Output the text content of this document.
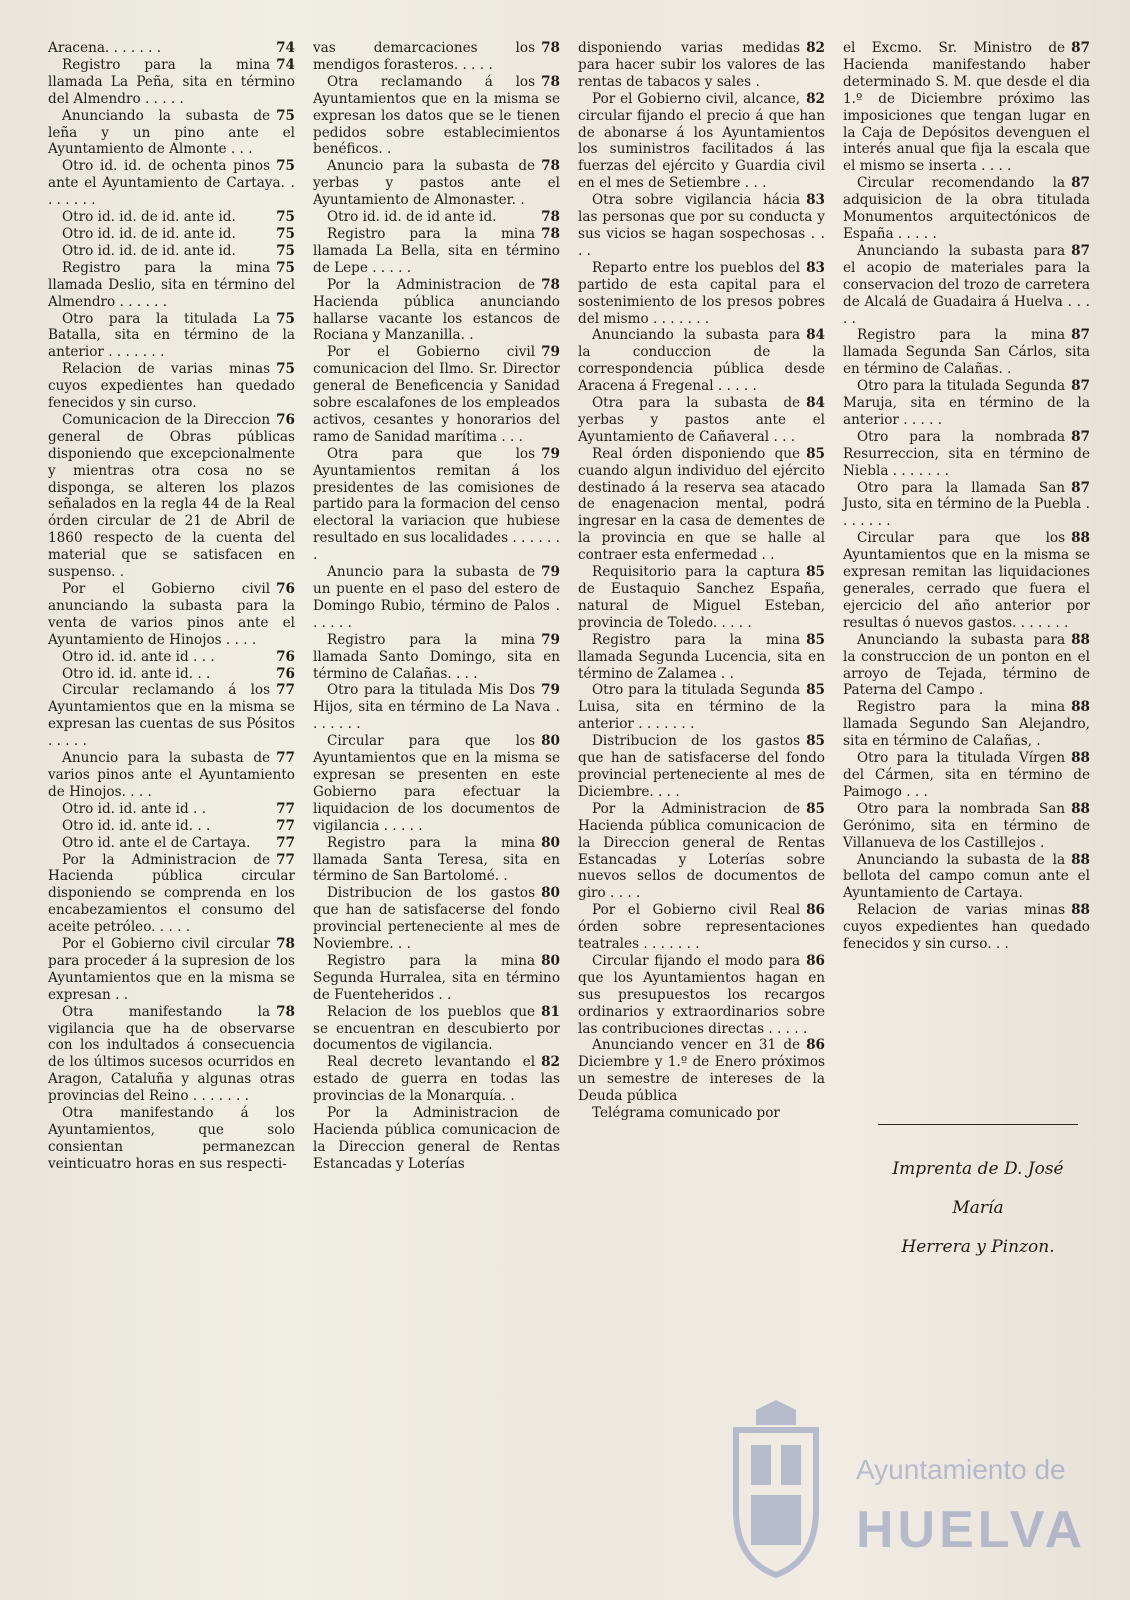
74
Aracena. . . . . . .

74
Registro para la mina llamada La Peña, sita en término del Almendro . . . . .

75
Anunciando la subasta de leña y un pino ante el Ayuntamiento de Almonte . . .

75
Otro id. id. de ochenta pinos ante el Ayuntamiento de Cartaya. . . . . . . .

75
Otro id. id. de id. ante id.

75
Otro id. id. de id. ante id.

75
Otro id. id. de id. ante id.

75
Registro para la mina llamada Deslio, sita en término del Almendro . . . . . .

75
Otro para la titulada La Batalla, sita en término de la anterior . . . . . . .

75
Relacion de varias minas cuyos expedientes han quedado fenecidos y sin curso.

76
Comunicacion de la Direccion general de Obras públicas disponiendo que excepcionalmente y mientras otra cosa no se disponga, se alteren los plazos señalados en la regla 44 de la Real órden circular de 21 de Abril de 1860 respecto de la cuenta del material que se satisfacen en suspenso. .

76
Por el Gobierno civil anunciando la subasta para la venta de varios pinos ante el Ayuntamiento de Hinojos . . . .

76
Otro id. id. ante id . . .

76
Otro id. id. ante id. . .

77
Circular reclamando á los Ayuntamientos que en la misma se expresan las cuentas de sus Pósitos . . . . .

77
Anuncio para la subasta de varios pinos ante el Ayuntamiento de Hinojos. . . .

77
Otro id. id. ante id . .

77
Otro id. id. ante id. . .

77
Otro id. ante el de Cartaya.

77
Por la Administracion de Hacienda pública circular disponiendo se comprenda en los encabezamientos el consumo del aceite petróleo. . . . .

78
Por el Gobierno civil circular para proceder á la supresion de los Ayuntamientos que en la misma se expresan . .

78
Otra manifestando la vigilancia que ha de observarse con los indultados á consecuencia de los últimos sucesos ocurridos en Aragon, Cataluña y algunas otras provincias del Reino . . . . . . .

Otra manifestando á los Ayuntamientos, que solo consientan permanezcan veinticuatro horas en sus respecti-

78
vas demarcaciones los mendigos forasteros. . . . .

78
Otra reclamando á los Ayuntamientos que en la misma se expresan los datos que se le tienen pedidos sobre establecimientos benéficos. .

78
Anuncio para la subasta de yerbas y pastos ante el Ayuntamiento de Almonaster. .

78
Otro id. id. de id ante id.

78
Registro para la mina llamada La Bella, sita en término de Lepe . . . . .

78
Por la Administracion de Hacienda pública anunciando hallarse vacante los estancos de Rociana y Manzanilla. .

79
Por el Gobierno civil comunicacion del Ilmo. Sr. Director general de Beneficencia y Sanidad sobre escalafones de los empleados activos, cesantes y honorarios del ramo de Sanidad marítima . . .

79
Otra para que los Ayuntamientos remitan á los presidentes de las comisiones de partido para la formacion del censo electoral la variacion que hubiese resultado en sus localidades . . . . . . .

79
Anuncio para la subasta de un puente en el paso del estero de Domingo Rubio, término de Palos . . . . . .

79
Registro para la mina llamada Santo Domingo, sita en término de Calañas. . . .

79
Otro para la titulada Mis Dos Hijos, sita en término de La Nava . . . . . . .

80
Circular para que los Ayuntamientos que en la misma se expresan se presenten en este Gobierno para efectuar la liquidacion de los documentos de vigilancia . . . . .

80
Registro para la mina llamada Santa Teresa, sita en término de San Bartolomé. .

80
Distribucion de los gastos que han de satisfacerse del fondo provincial perteneciente al mes de Noviembre. . .

80
Registro para la mina Segunda Hurralea, sita en término de Fuenteheridos . .

81
Relacion de los pueblos que se encuentran en descubierto por documentos de vigilancia.

82
Real decreto levantando el estado de guerra en todas las provincias de la Monarquía. .

Por la Administracion de Hacienda pública comunicacion de la Direccion general de Rentas Estancadas y Loterías

82
disponiendo varias medidas para hacer subir los valores de las rentas de tabacos y sales .

82
Por el Gobierno civil, alcance, circular fijando el precio á que han de abonarse á los Ayuntamientos los suministros facilitados á las fuerzas del ejército y Guardia civil en el mes de Setiembre . . .

83
Otra sobre vigilancia hácia las personas que por su conducta y sus vicios se hagan sospechosas . . . .

83
Reparto entre los pueblos del partido de esta capital para el sostenimiento de los presos pobres del mismo . . . . . . .

84
Anunciando la subasta para la conduccion de la correspondencia pública desde Aracena á Fregenal . . . . .

84
Otra para la subasta de yerbas y pastos ante el Ayuntamiento de Cañaveral . . .

85
Real órden disponiendo que cuando algun individuo del ejército destinado á la reserva sea atacado de enagenacion mental, podrá ingresar en la casa de dementes de la provincia en que se halle al contraer esta enfermedad . .

85
Requisitorio para la captura de Eustaquio Sanchez España, natural de Miguel Esteban, provincia de Toledo. . . . .

85
Registro para la mina llamada Segunda Lucencia, sita en término de Zalamea . .

85
Otro para la titulada Segunda Luisa, sita en término de la anterior . . . . . . .

85
Distribucion de los gastos que han de satisfacerse del fondo provincial perteneciente al mes de Diciembre. . . .

85
Por la Administracion de Hacienda pública comunicacion de la Direccion general de Rentas Estancadas y Loterías sobre nuevos sellos de documentos de giro . . . .

86
Por el Gobierno civil Real órden sobre representaciones teatrales . . . . . . .

86
Circular fijando el modo para que los Ayuntamientos hagan en sus presupuestos los recargos ordinarios y extraordinarios sobre las contribuciones directas . . . . .

86
Anunciando vencer en 31 de Diciembre y 1.º de Enero próximos un semestre de intereses de la Deuda pública

Telégrama comunicado por

87
el Excmo. Sr. Ministro de Hacienda manifestando haber determinado S. M. que desde el dia 1.º de Diciembre próximo las imposiciones que tengan lugar en la Caja de Depósitos devenguen el interés anual que fija la escala que el mismo se inserta . . . .

87
Circular recomendando la adquisicion de la obra titulada Monumentos arquitectónicos de España . . . . .

87
Anunciando la subasta para el acopio de materiales para la conservacion del trozo de carretera de Alcalá de Guadaira á Huelva . . . . .

87
Registro para la mina llamada Segunda San Cárlos, sita en término de Calañas. .

87
Otro para la titulada Segunda Maruja, sita en término de la anterior . . . . .

87
Otro para la nombrada Resurreccion, sita en término de Niebla . . . . . . .

87
Otro para la llamada San Justo, sita en término de la Puebla . . . . . . .

88
Circular para que los Ayuntamientos que en la misma se expresan remitan las liquidaciones generales, cerrado que fuera el ejercicio del año anterior por resultas ó nuevos gastos. . . . . . .

88
Anunciando la subasta para la construccion de un ponton en el arroyo de Tejada, término de Paterna del Campo .

88
Registro para la mina llamada Segundo San Alejandro, sita en término de Calañas, .

88
Otro para la titulada Vírgen del Cármen, sita en término de Paimogo . . .

88
Otro para la nombrada San Gerónimo, sita en término de Villanueva de los Castillejos .

88
Anunciando la subasta de la bellota del campo comun ante el Ayuntamiento de Cartaya.

88
Relacion de varias minas cuyos expedientes han quedado fenecidos y sin curso. . .

Imprenta de D. José María
Herrera y Pinzon.
Ayuntamiento de
HUELVA
